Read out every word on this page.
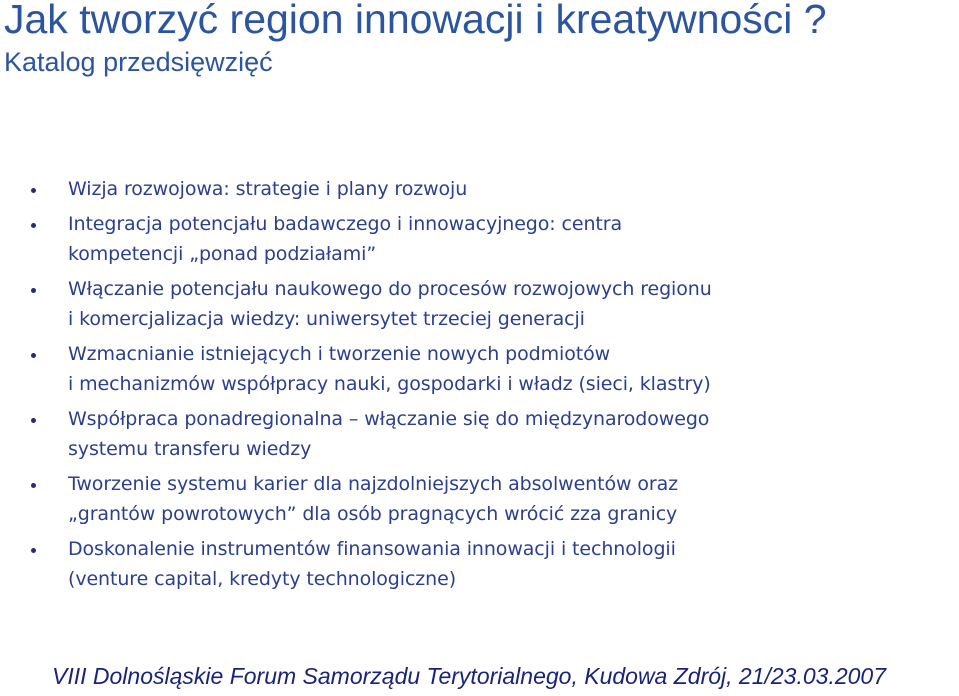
Jak tworzyć region innowacji i kreatywności ?
Katalog przedsięwzięć
Wizja rozwojowa: strategie i plany rozwoju
Integracja potencjału badawczego i innowacyjnego: centra
kompetencji „ponad podziałami”
Włączanie potencjału naukowego do procesów rozwojowych regionu
i komercjalizacja wiedzy: uniwersytet trzeciej generacji
Wzmacnianie istniejących i tworzenie nowych podmiotów
i mechanizmów współpracy nauki, gospodarki i władz (sieci, klastry)
Współpraca ponadregionalna – włączanie się do międzynarodowego
systemu transferu wiedzy
Tworzenie systemu karier dla najzdolniejszych absolwentów oraz
„grantów powrotowych” dla osób pragnących wrócić zza granicy
Doskonalenie instrumentów finansowania innowacji i technologii
(venture capital, kredyty technologiczne)

VIII Dolnośląskie Forum Samorządu Terytorialnego, Kudowa Zdrój, 21/23.03.2007
